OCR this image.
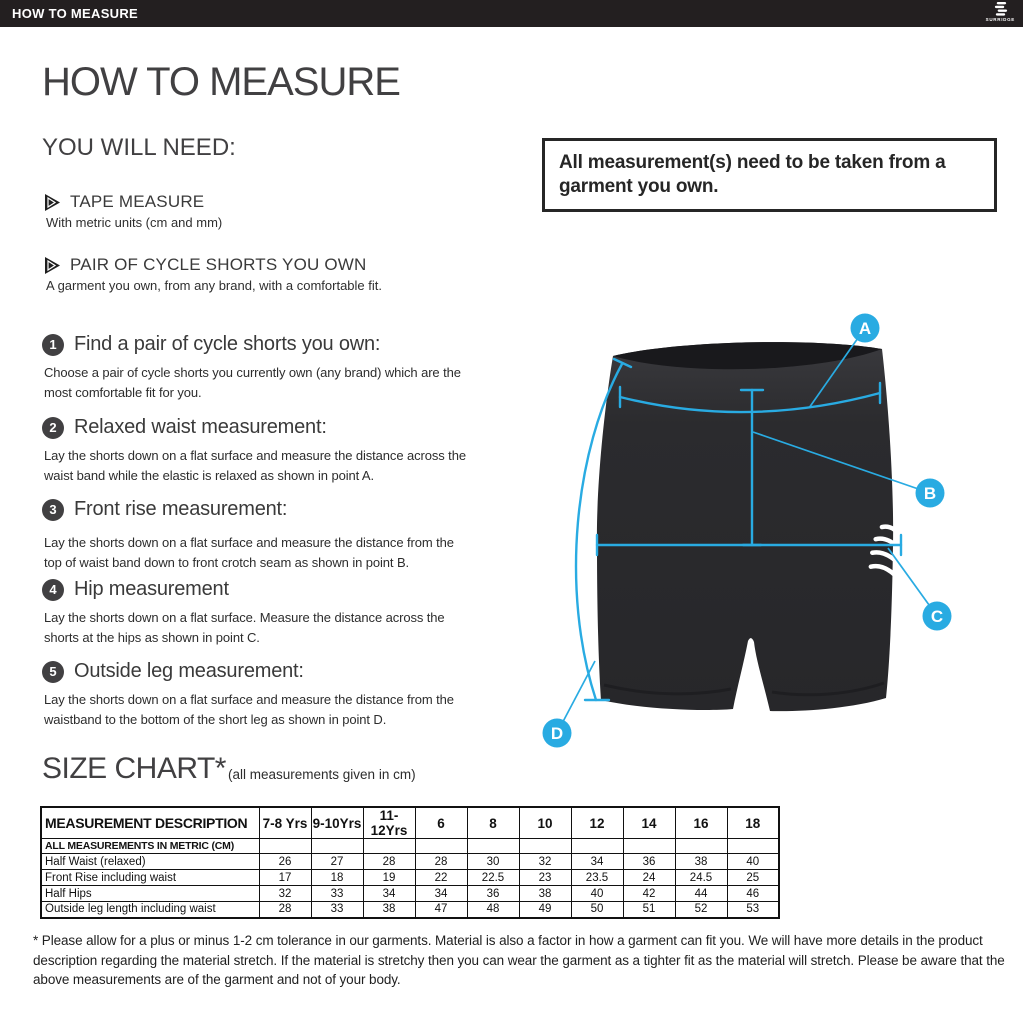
HOW TO MEASURE	SURRIDGE
HOW TO MEASURE
YOU WILL NEED:
TAPE MEASURE
With metric units (cm and mm)
PAIR OF CYCLE SHORTS YOU OWN
A garment you own, from any brand, with a comfortable fit.
All measurement(s) need to be taken from a garment you own.
1 Find a pair of cycle shorts you own:
Choose a pair of cycle shorts you currently own (any brand) which are the most comfortable fit for you.
2 Relaxed waist measurement:
Lay the shorts down on a flat surface and measure the distance across the waist band while the elastic is relaxed as shown in point A.
3 Front rise measurement:
Lay the shorts down on a flat surface and measure the distance from the top of waist band down to front crotch seam as shown in point B.
4 Hip measurement
Lay the shorts down on a flat surface. Measure the distance across the shorts at the hips as shown in point C.
5 Outside leg measurement:
Lay the shorts down on a flat surface and measure the distance from the waistband to the bottom of the short leg as shown in point D.
A
B
C
D
SIZE CHART* (all measurements given in cm)
MEASUREMENT DESCRIPTION	7-8 Yrs	9-10Yrs	11-12Yrs	6	8	10	12	14	16	18
ALL MEASUREMENTS IN METRIC (CM)										
Half Waist (relaxed)	26	27	28	28	30	32	34	36	38	40
Front Rise including waist	17	18	19	22	22.5	23	23.5	24	24.5	25
Half Hips	32	33	34	34	36	38	40	42	44	46
Outside leg length including waist	28	33	38	47	48	49	50	51	52	53
* Please allow for a plus or minus 1-2 cm tolerance in our garments. Material is also a factor in how a garment can fit you. We will have more details in the product description regarding the material stretch. If the material is stretchy then you can wear the garment as a tighter fit as the material will stretch. Please be aware that the above measurements are of the garment and not of your body.
